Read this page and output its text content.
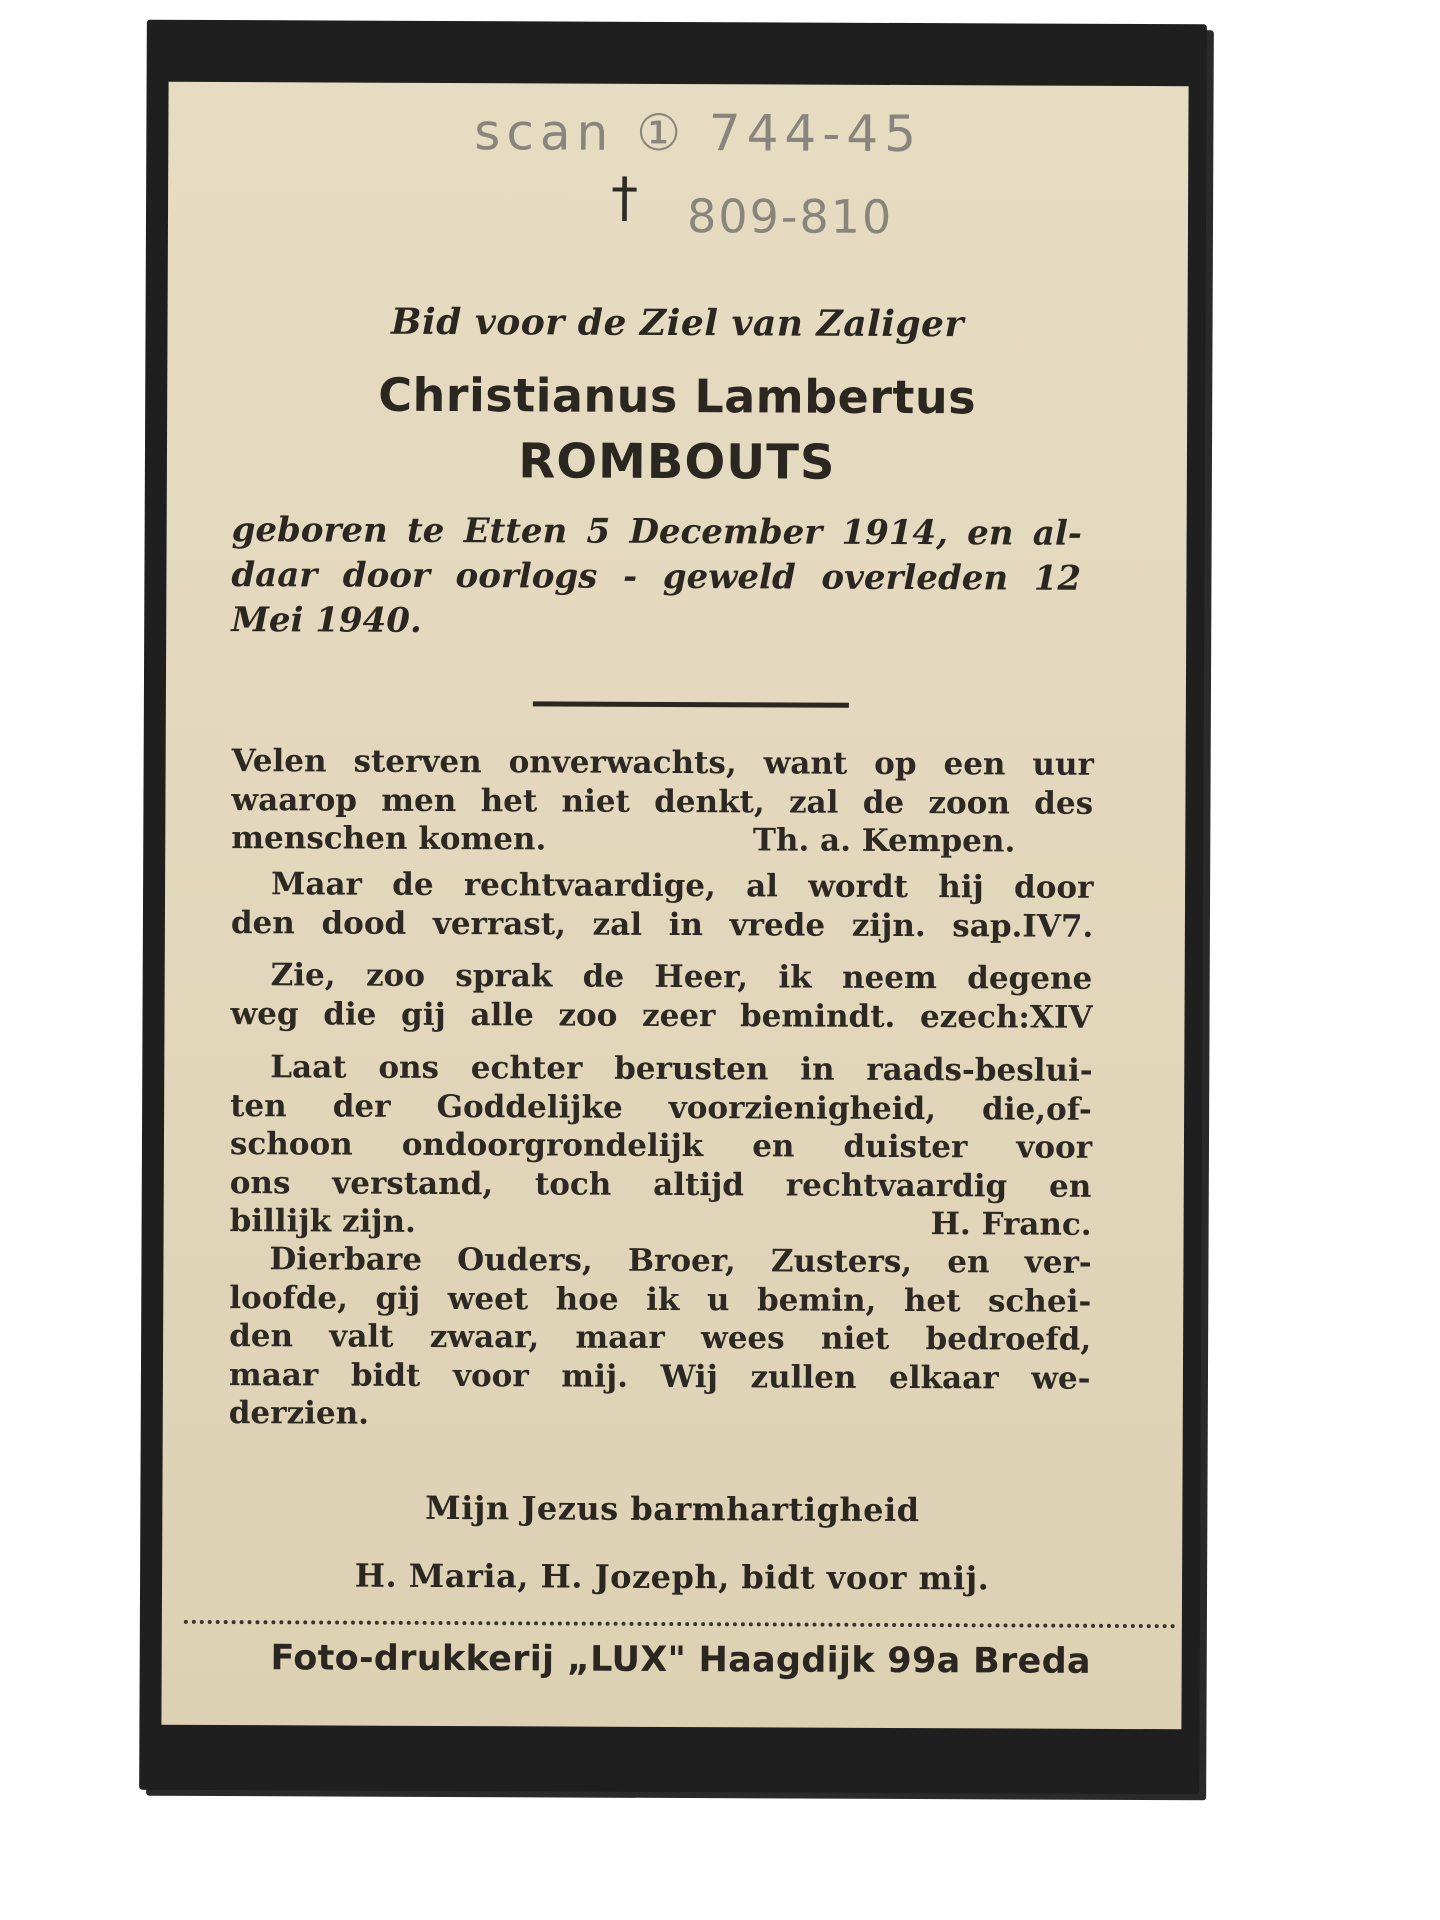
scan ① 744-45
† 809-810
Bid voor de Ziel van Zaliger
Christianus Lambertus
ROMBOUTS
geboren te Etten 5 December 1914, en al-
daar door oorlogs - geweld overleden 12
Mei 1940.
Velen sterven onverwachts, want op een uur
waarop men het niet denkt, zal de zoon des
menschen komen.	Th. a. Kempen.
Maar de rechtvaardige, al wordt hij door
den dood verrast, zal in vrede zijn. sap.IV7.
Zie, zoo sprak de Heer, ik neem degene
weg die gij alle zoo zeer bemindt. ezech:XIV
Laat ons echter berusten in raads-beslui-
ten der Goddelijke voorzienigheid, die,of-
schoon ondoorgrondelijk en duister voor
ons verstand, toch altijd rechtvaardig en
billijk zijn.	H. Franc.
Dierbare Ouders, Broer, Zusters, en ver-
loofde, gij weet hoe ik u bemin, het schei-
den valt zwaar, maar wees niet bedroefd,
maar bidt voor mij. Wij zullen elkaar we-
derzien.
Mijn Jezus barmhartigheid
H. Maria, H. Jozeph, bidt voor mij.
Foto-drukkerij „LUX" Haagdijk 99a Breda
